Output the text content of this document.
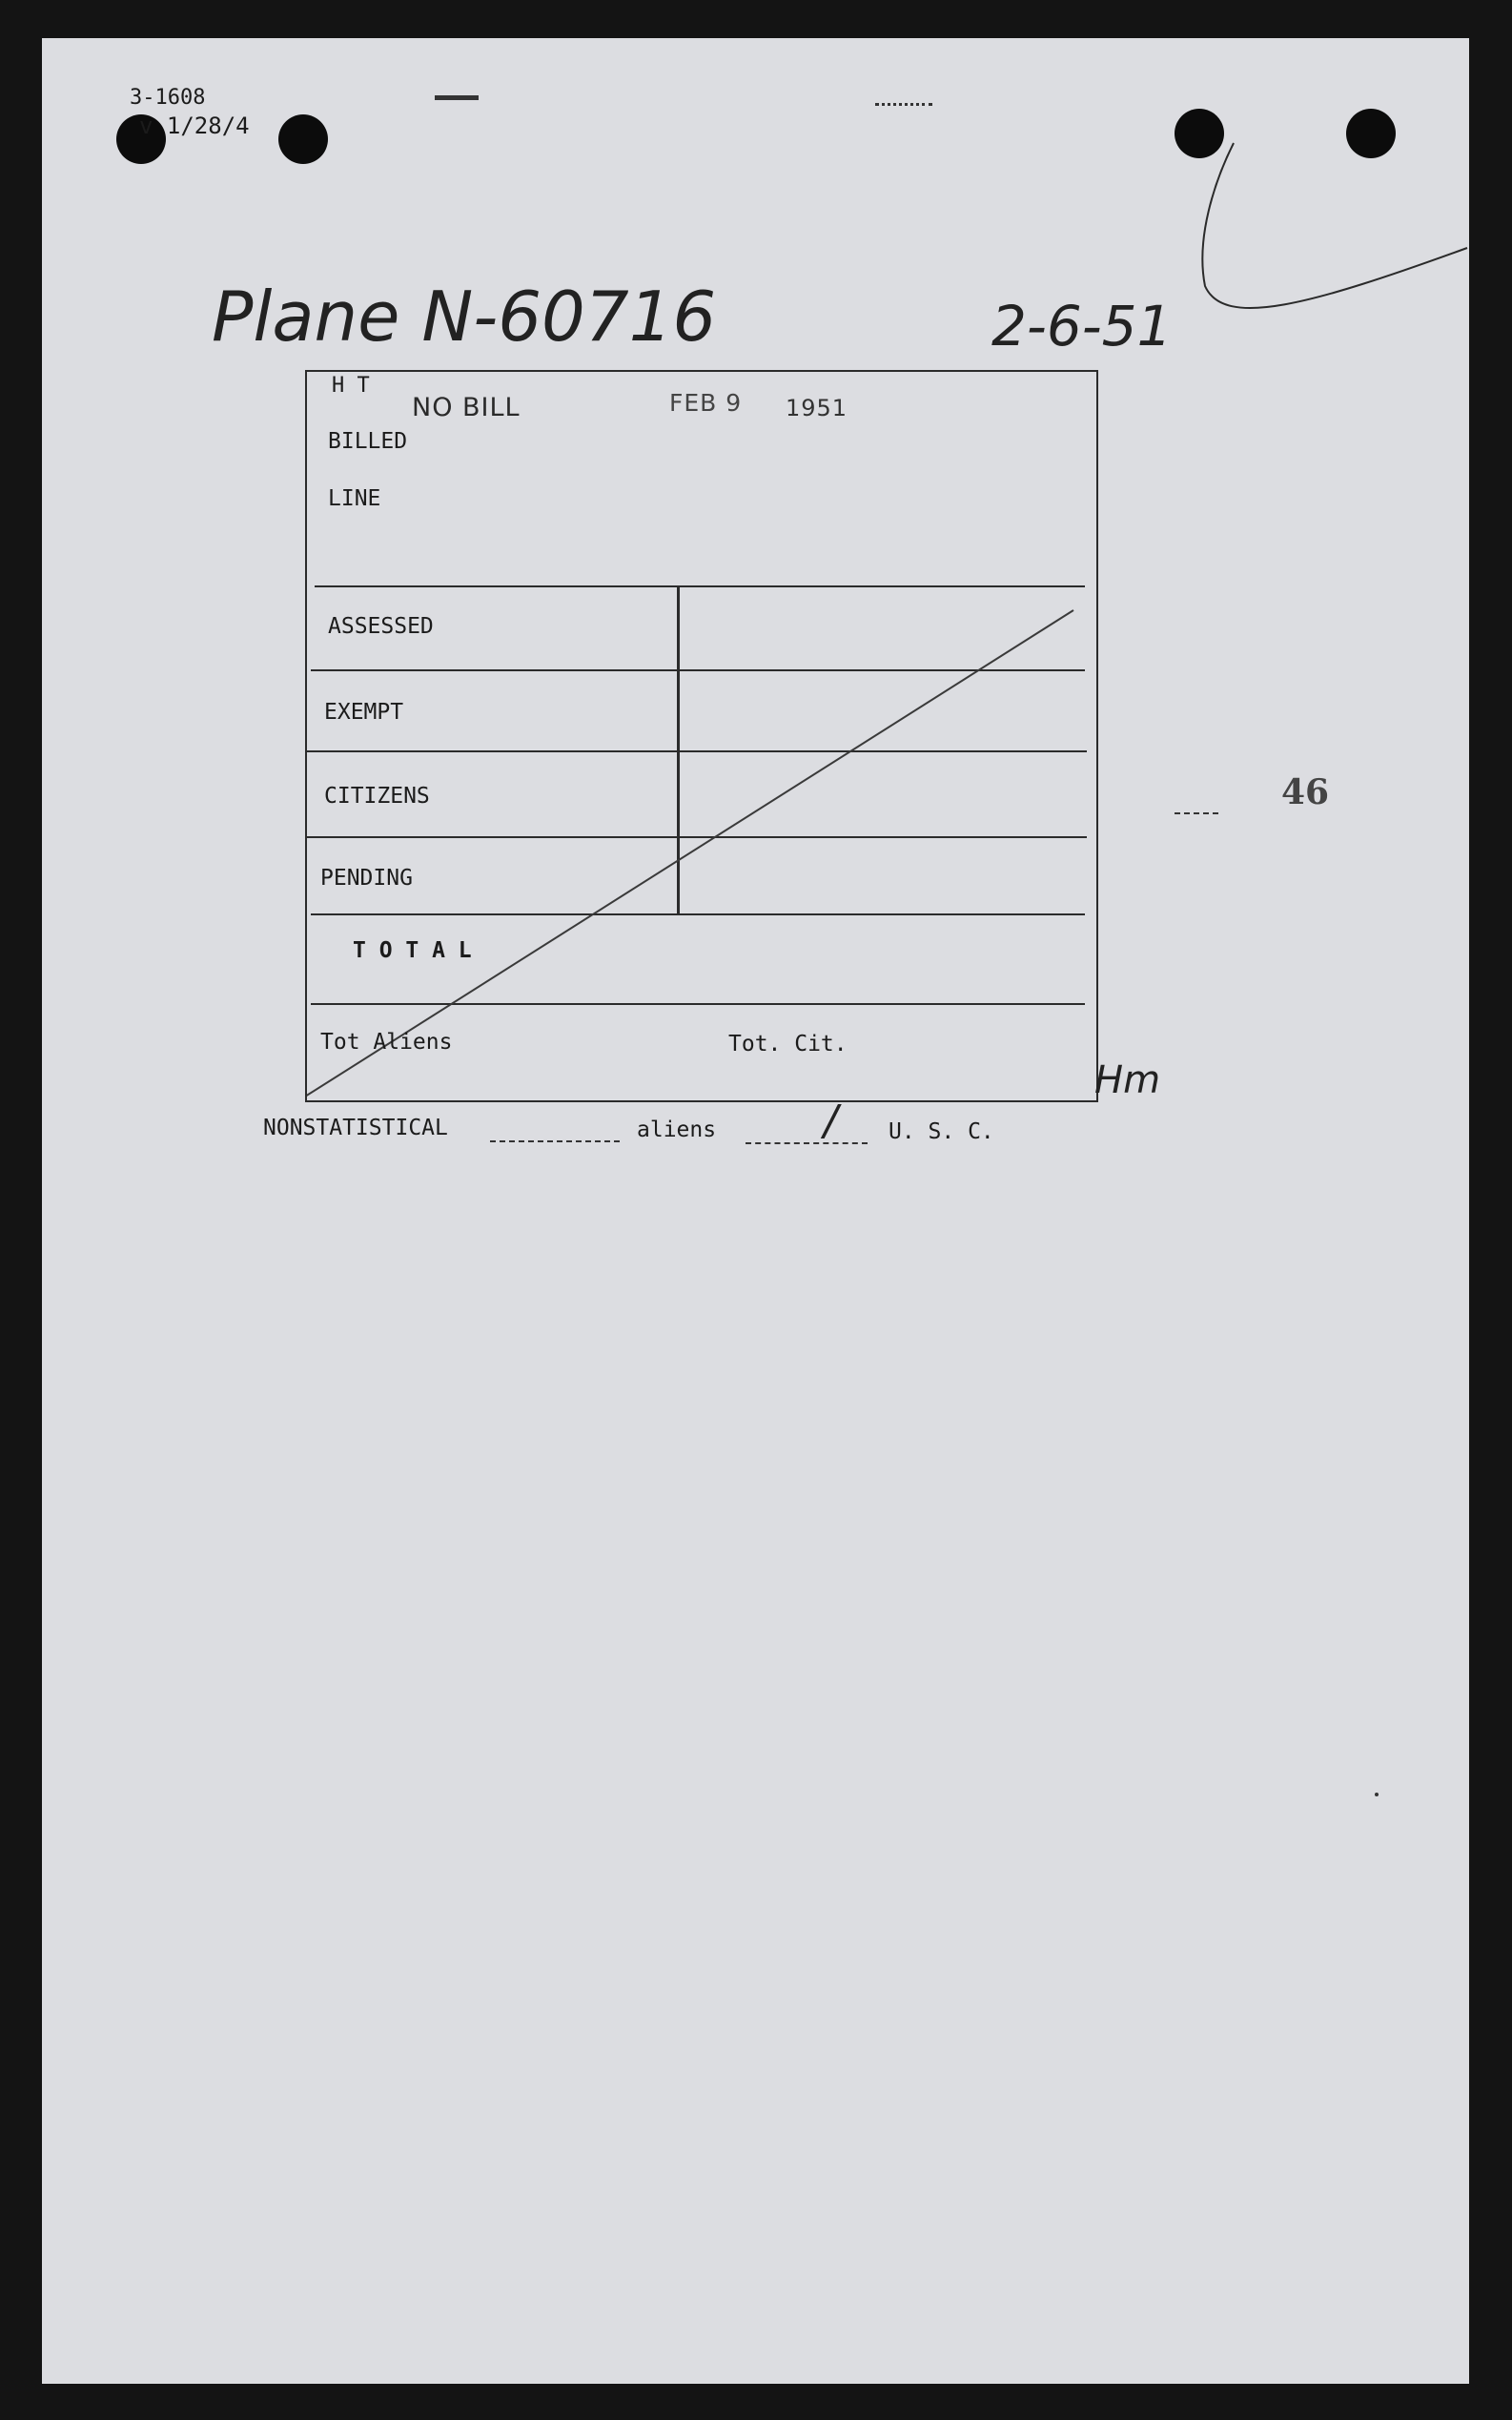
3-1608
v 1/28/4
Plane N-60716	2-6-51
H T
NO BILL	FEB 9 1951
BILLED
LINE
ASSESSED
EXEMPT
CITIZENS
PENDING
T O T A L
Tot Aliens	Tot. Cit.
Hm
46
NONSTATISTICAL	aliens	/ U. S. C.
